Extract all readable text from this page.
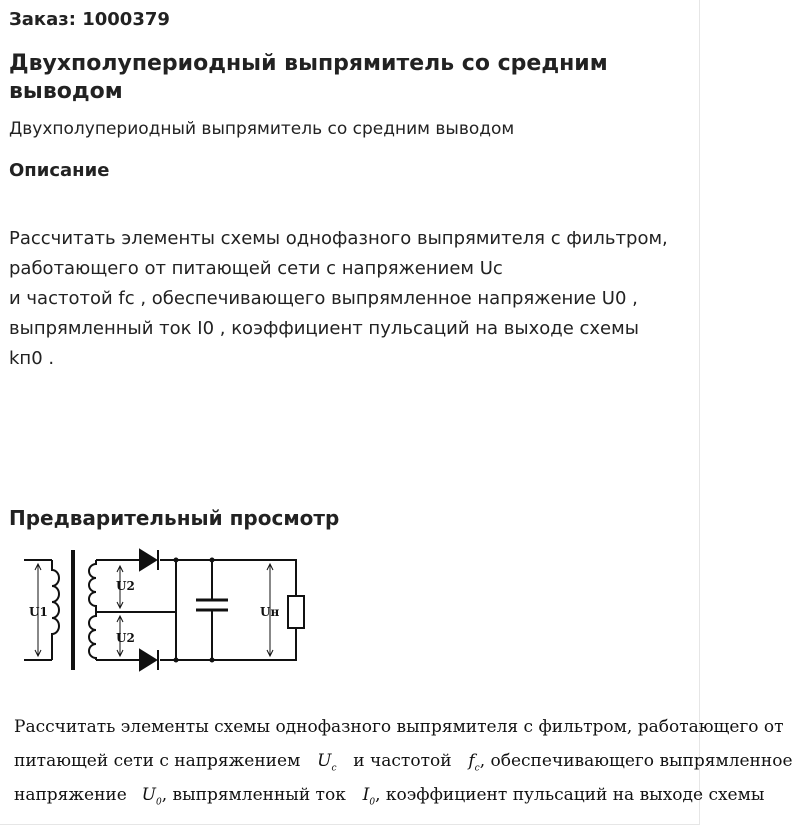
Заказ: 1000379
Двухполупериодный выпрямитель со средним выводом
Двухполупериодный выпрямитель со средним выводом
Описание
Рассчитать элементы схемы однофазного выпрямителя с фильтром,
работающего от питающей сети с напряжением Uc
и частотой fc , обеспечивающего выпрямленное напряжение U0 ,
выпрямленный ток I0 , коэффициент пульсаций на выходе схемы
kп0 .
Предварительный просмотр
U1
U2
U2
Uн
Рассчитать элементы схемы однофазного выпрямителя с фильтром, работающего от
питающей сети с напряжением $U_c$ и частотой $f_c$, обеспечивающего выпрямленное
напряжение $U_0$, выпрямленный ток $I_0$, коэффициент пульсаций на выходе схемы
